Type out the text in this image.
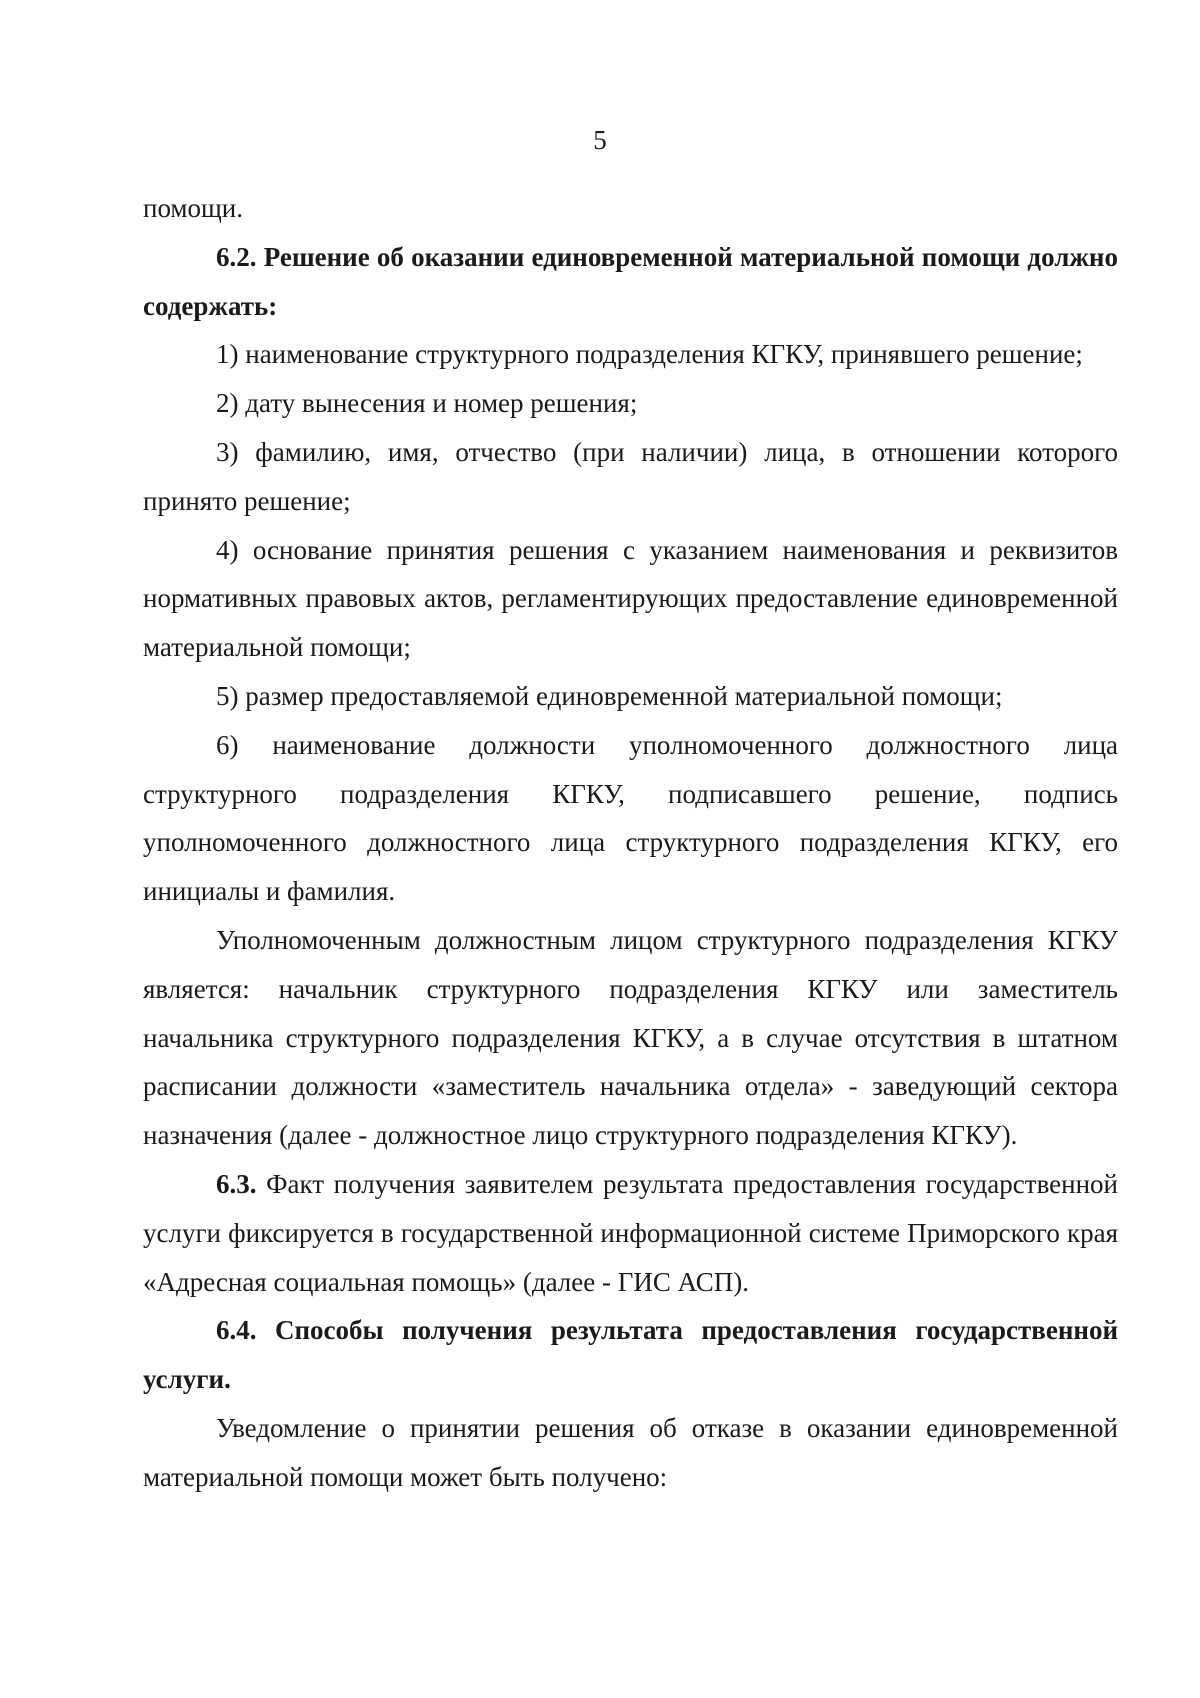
5

помощи.

6.2. Решение об оказании единовременной материальной помощи должно содержать:

1) наименование структурного подразделения КГКУ, принявшего решение;

2) дату вынесения и номер решения;

3) фамилию, имя, отчество (при наличии) лица, в отношении которого принято решение;

4) основание принятия решения с указанием наименования и реквизитов нормативных правовых актов, регламентирующих предоставление единовременной материальной помощи;

5) размер предоставляемой единовременной материальной помощи;

6) наименование должности уполномоченного должностного лица структурного подразделения КГКУ, подписавшего решение, подпись уполномоченного должностного лица структурного подразделения КГКУ, его инициалы и фамилия.

Уполномоченным должностным лицом структурного подразделения КГКУ является: начальник структурного подразделения КГКУ или заместитель начальника структурного подразделения КГКУ, а в случае отсутствия в штатном расписании должности «заместитель начальника отдела» - заведующий сектора назначения (далее - должностное лицо структурного подразделения КГКУ).

6.3. Факт получения заявителем результата предоставления государственной услуги фиксируется в государственной информационной системе Приморского края «Адресная социальная помощь» (далее - ГИС АСП).

6.4. Способы получения результата предоставления государственной услуги.

Уведомление о принятии решения об отказе в оказании единовременной материальной помощи может быть получено:
